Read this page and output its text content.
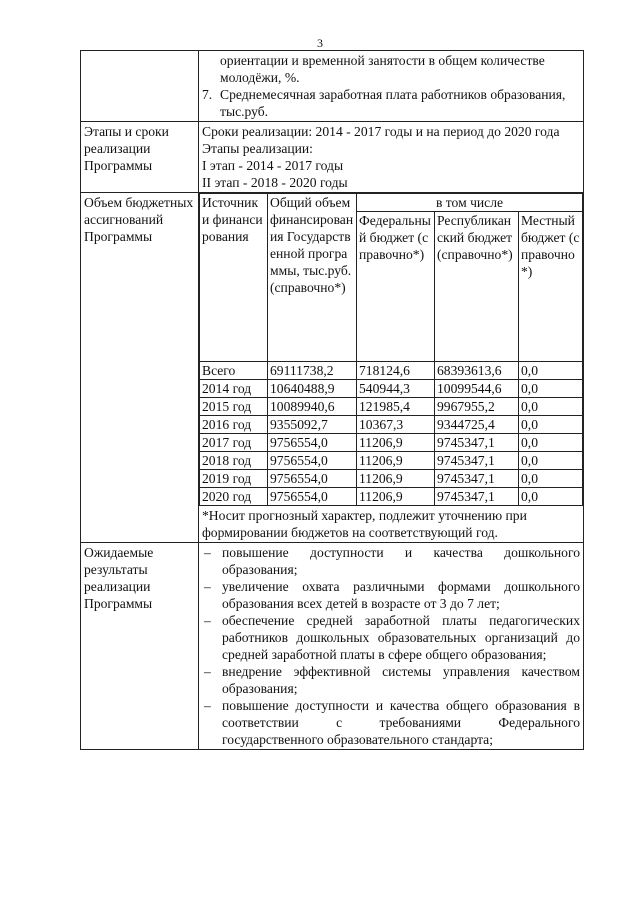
3

ориентации и временной занятости в общем количестве молодёжи, %.
7. Среднемесячная заработная плата работников образования, тыс.руб.

Этапы и сроки реализации Программы	
Сроки реализации: 2014 - 2017 годы и на период до 2020 года
Этапы реализации:
I этап - 2014 - 2017 годы
II этап - 2018 - 2020 годы

Объем бюджетных ассигнований Программы	
Источники финансирования	Общий объем финансирования Государственной программы, тыс.руб. (справочно*)	в том числе
Федеральный бюджет (справочно*)	Республиканский бюджет (справочно*)	Местный бюджет (справочно*)
Всего	69111738,2	718124,6	68393613,6	0,0
2014 год	10640488,9	540944,3	10099544,6	0,0
2015 год	10089940,6	121985,4	9967955,2	0,0
2016 год	9355092,7	10367,3	9344725,4	0,0
2017 год	9756554,0	11206,9	9745347,1	0,0
2018 год	9756554,0	11206,9	9745347,1	0,0
2019 год	9756554,0	11206,9	9745347,1	0,0
2020 год	9756554,0	11206,9	9745347,1	0,0
*Носит прогнозный характер, подлежит уточнению при формировании бюджетов на соответствующий год.

Ожидаемые результаты реализации Программы	
– повышение доступности и качества дошкольного образования;
– увеличение охвата различными формами дошкольного образования всех детей в возрасте от 3 до 7 лет;
– обеспечение средней заработной платы педагогических работников дошкольных образовательных организаций до средней заработной платы в сфере общего образования;
– внедрение эффективной системы управления качеством образования;
– повышение доступности и качества общего образования в соответствии с требованиями Федерального государственного образовательного стандарта;
